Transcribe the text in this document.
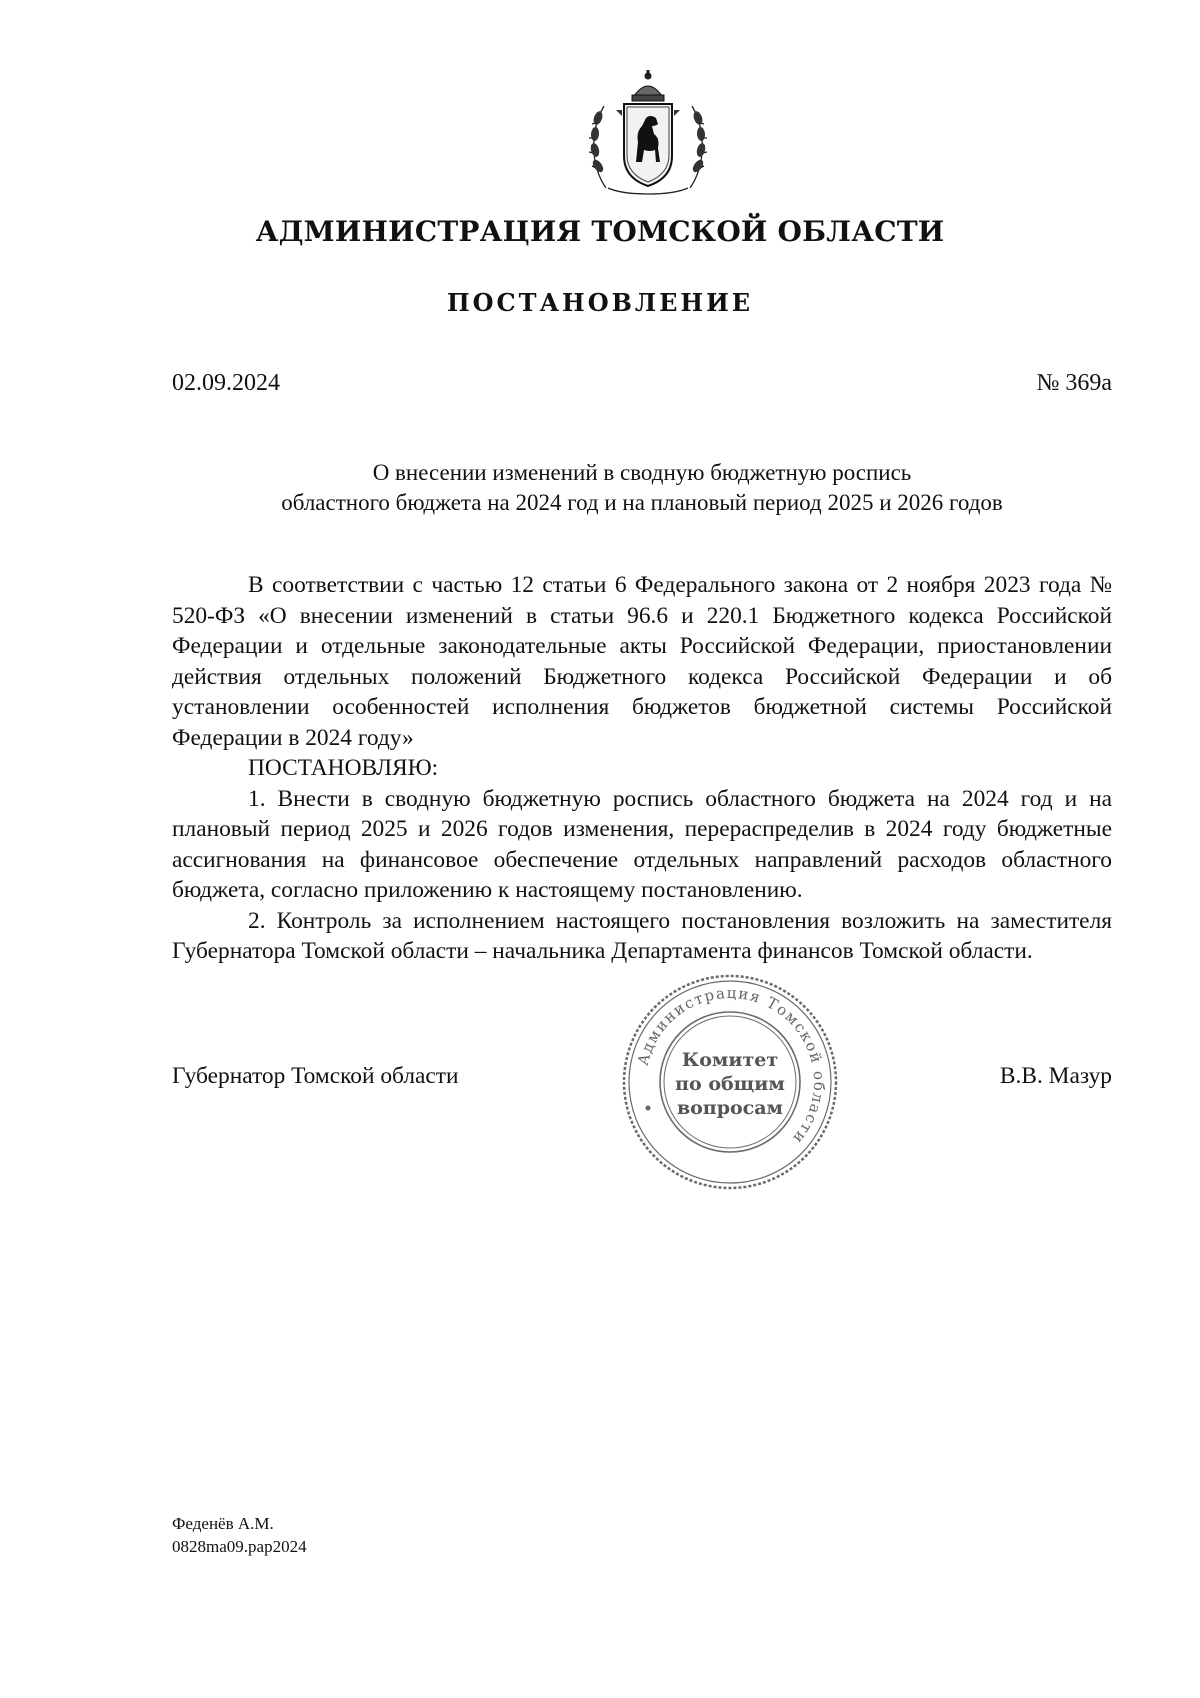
АДМИНИСТРАЦИЯ ТОМСКОЙ ОБЛАСТИ
ПОСТАНОВЛЕНИЕ
02.09.2024	№ 369а
О внесении изменений в сводную бюджетную роспись
областного бюджета на 2024 год и на плановый период 2025 и 2026 годов

В соответствии с частью 12 статьи 6 Федерального закона от 2 ноября 2023 года № 520-ФЗ «О внесении изменений в статьи 96.6 и 220.1 Бюджетного кодекса Российской Федерации и отдельные законодательные акты Российской Федерации, приостановлении действия отдельных положений Бюджетного кодекса Российской Федерации и об установлении особенностей исполнения бюджетов бюджетной системы Российской Федерации в 2024 году»

ПОСТАНОВЛЯЮ:

1. Внести в сводную бюджетную роспись областного бюджета на 2024 год и на плановый период 2025 и 2026 годов изменения, перераспределив в 2024 году бюджетные ассигнования на финансовое обеспечение отдельных направлений расходов областного бюджета, согласно приложению к настоящему постановлению.

2. Контроль за исполнением настоящего постановления возложить на заместителя Губернатора Томской области – начальника Департамента финансов Томской области.

Губернатор Томской области	В.В. Мазур
Администрация Томской области
Комитет
по общим
вопросам
Феденёв А.М.
0828ma09.pap2024
